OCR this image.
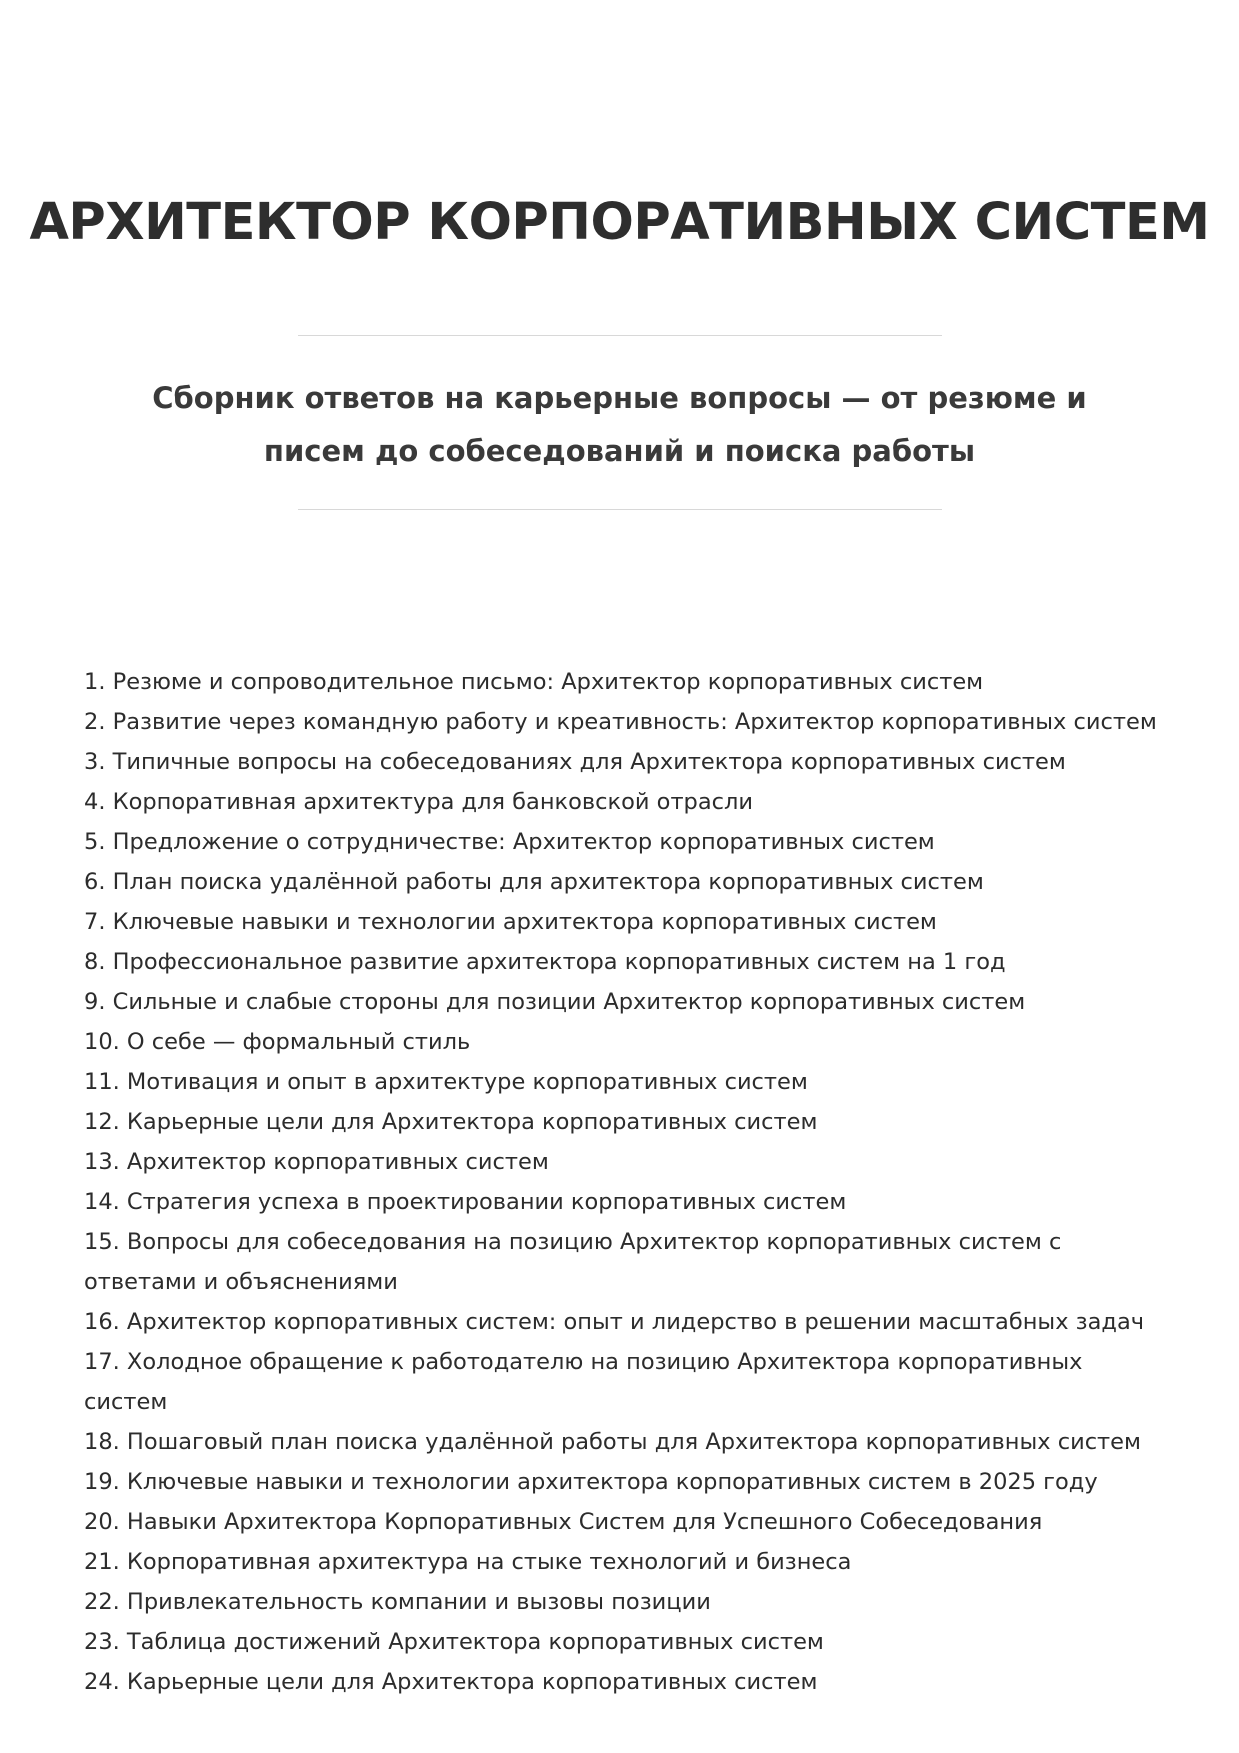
АРХИТЕКТОР КОРПОРАТИВНЫХ СИСТЕМ

Сборник ответов на карьерные вопросы — от резюме и писем до собеседований и поиска работы

1. Резюме и сопроводительное письмо: Архитектор корпоративных систем
2. Развитие через командную работу и креативность: Архитектор корпоративных систем
3. Типичные вопросы на собеседованиях для Архитектора корпоративных систем
4. Корпоративная архитектура для банковской отрасли
5. Предложение о сотрудничестве: Архитектор корпоративных систем
6. План поиска удалённой работы для архитектора корпоративных систем
7. Ключевые навыки и технологии архитектора корпоративных систем
8. Профессиональное развитие архитектора корпоративных систем на 1 год
9. Сильные и слабые стороны для позиции Архитектор корпоративных систем
10. О себе — формальный стиль
11. Мотивация и опыт в архитектуре корпоративных систем
12. Карьерные цели для Архитектора корпоративных систем
13. Архитектор корпоративных систем
14. Стратегия успеха в проектировании корпоративных систем
15. Вопросы для собеседования на позицию Архитектор корпоративных систем с ответами и объяснениями
16. Архитектор корпоративных систем: опыт и лидерство в решении масштабных задач
17. Холодное обращение к работодателю на позицию Архитектора корпоративных систем
18. Пошаговый план поиска удалённой работы для Архитектора корпоративных систем
19. Ключевые навыки и технологии архитектора корпоративных систем в 2025 году
20. Навыки Архитектора Корпоративных Систем для Успешного Собеседования
21. Корпоративная архитектура на стыке технологий и бизнеса
22. Привлекательность компании и вызовы позиции
23. Таблица достижений Архитектора корпоративных систем
24. Карьерные цели для Архитектора корпоративных систем
